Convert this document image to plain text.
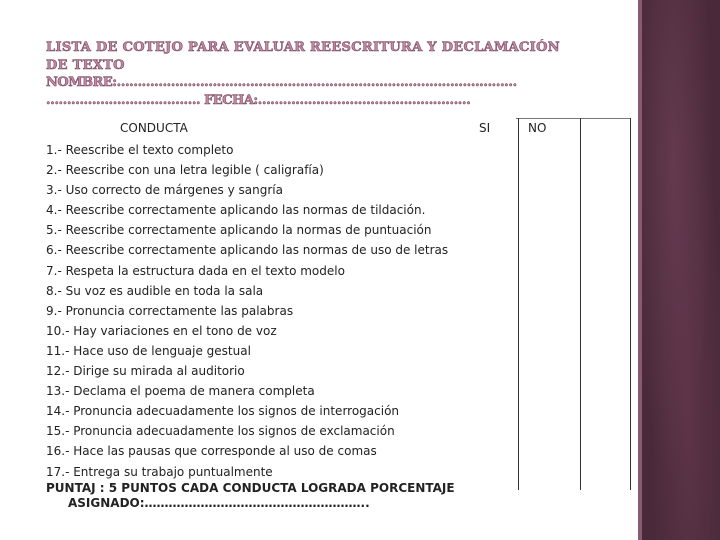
LISTA DE COTEJO PARA EVALUAR REESCRITURA Y DECLAMACIÓN
DE TEXTO
NOMBRE:……………………………………………………………………………………
………………………………. FECHA:……………………………………………
CONDUCTA	SI	NO
1.- Reescribe el texto completo
2.- Reescribe con una letra legible ( caligrafía)
3.- Uso correcto de márgenes y sangría
4.- Reescribe correctamente aplicando las normas de tildación.
5.- Reescribe correctamente aplicando la normas de puntuación
6.- Reescribe correctamente aplicando las normas de uso de letras
7.- Respeta la estructura dada en el texto modelo
8.- Su voz es audible en toda la sala
9.- Pronuncia correctamente las palabras
10.- Hay variaciones en el tono de voz
11.- Hace uso de lenguaje gestual
12.- Dirige su mirada al auditorio
13.- Declama el poema de manera completa
14.- Pronuncia adecuadamente los signos de interrogación
15.- Pronuncia adecuadamente los signos de exclamación
16.- Hace las pausas que corresponde al uso de comas
17.- Entrega su trabajo puntualmente
PUNTAJ : 5 PUNTOS CADA CONDUCTA LOGRADA PORCENTAJE
ASIGNADO:………………………………………………..
